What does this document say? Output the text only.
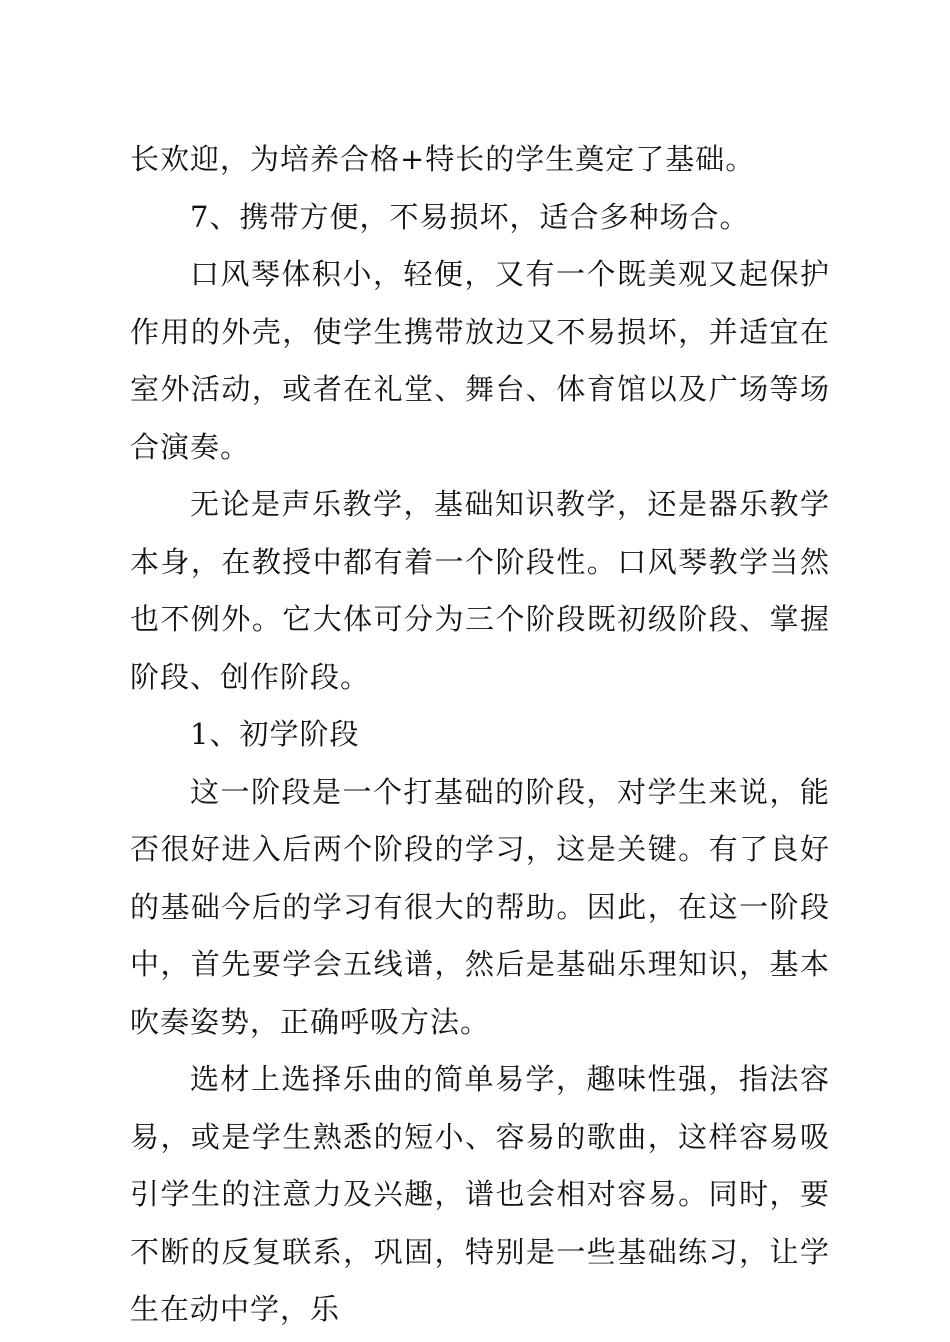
长欢迎，为培养合格+特长的学生奠定了基础。

7、携带方便，不易损坏，适合多种场合。

口风琴体积小，轻便，又有一个既美观又起保护作用的外壳，使学生携带放边又不易损坏，并适宜在室外活动，或者在礼堂、舞台、体育馆以及广场等场合演奏。

无论是声乐教学，基础知识教学，还是器乐教学本身，在教授中都有着一个阶段性。口风琴教学当然也不例外。它大体可分为三个阶段既初级阶段、掌握阶段、创作阶段。

1、初学阶段

这一阶段是一个打基础的阶段，对学生来说，能否很好进入后两个阶段的学习，这是关键。有了良好的基础今后的学习有很大的帮助。因此，在这一阶段中，首先要学会五线谱，然后是基础乐理知识，基本吹奏姿势，正确呼吸方法。

选材上选择乐曲的简单易学，趣味性强，指法容易，或是学生熟悉的短小、容易的歌曲，这样容易吸引学生的注意力及兴趣，谱也会相对容易。同时，要不断的反复联系，巩固，特别是一些基础练习，让学生在动中学，乐
